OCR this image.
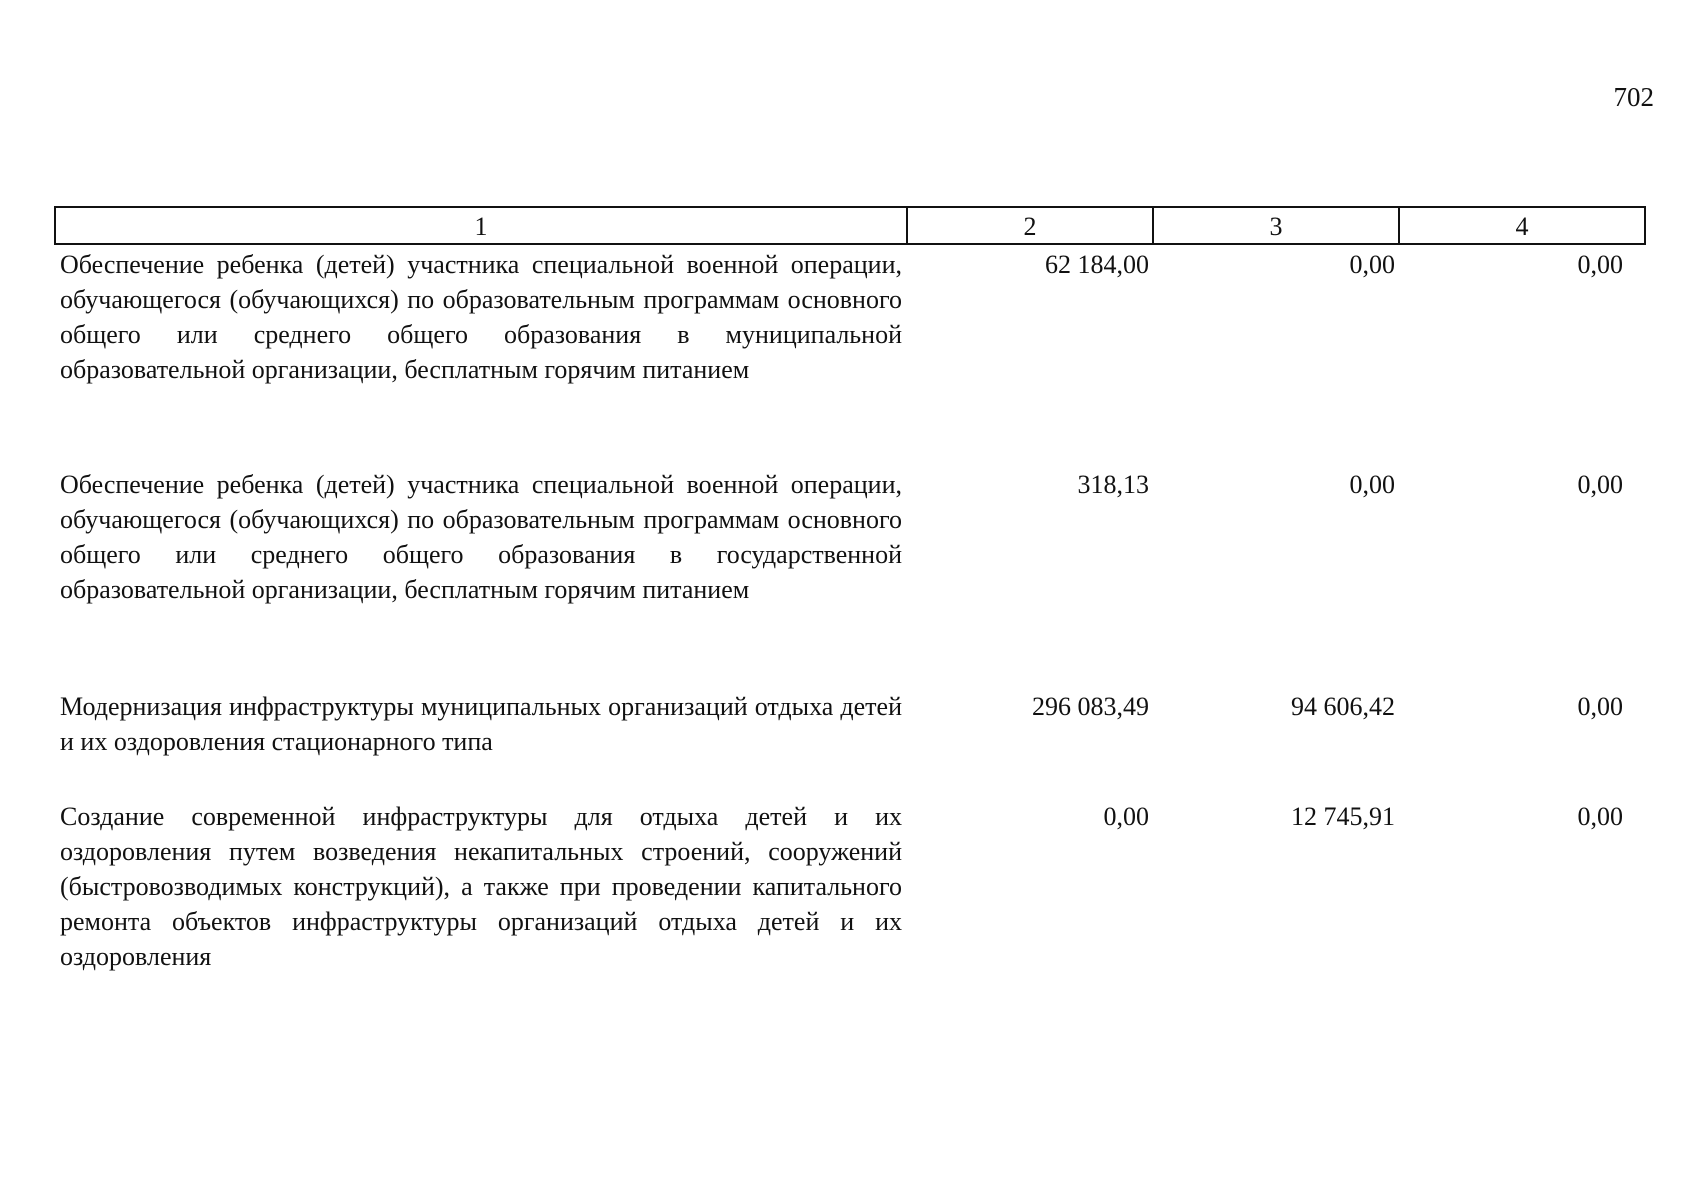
702
1	2	3	4
Обеспечение ребенка (детей) участника специальной военной операции, обучающегося (обучающихся) по образовательным программам основного общего или среднего общего образования в муниципальной образовательной организации, бесплатным горячим питанием	62 184,00	0,00	0,00
Обеспечение ребенка (детей) участника специальной военной операции, обучающегося (обучающихся) по образовательным программам основного общего или среднего общего образования в государственной образовательной организации, бесплатным горячим питанием	318,13	0,00	0,00
Модернизация инфраструктуры муниципальных организаций отдыха детей и их оздоровления стационарного типа	296 083,49	94 606,42	0,00
Создание современной инфраструктуры для отдыха детей и их оздоровления путем возведения некапитальных строений, сооружений (быстровозводимых конструкций), а также при проведении капитального ремонта объектов инфраструктуры организаций отдыха детей и их оздоровления	0,00	12 745,91	0,00
